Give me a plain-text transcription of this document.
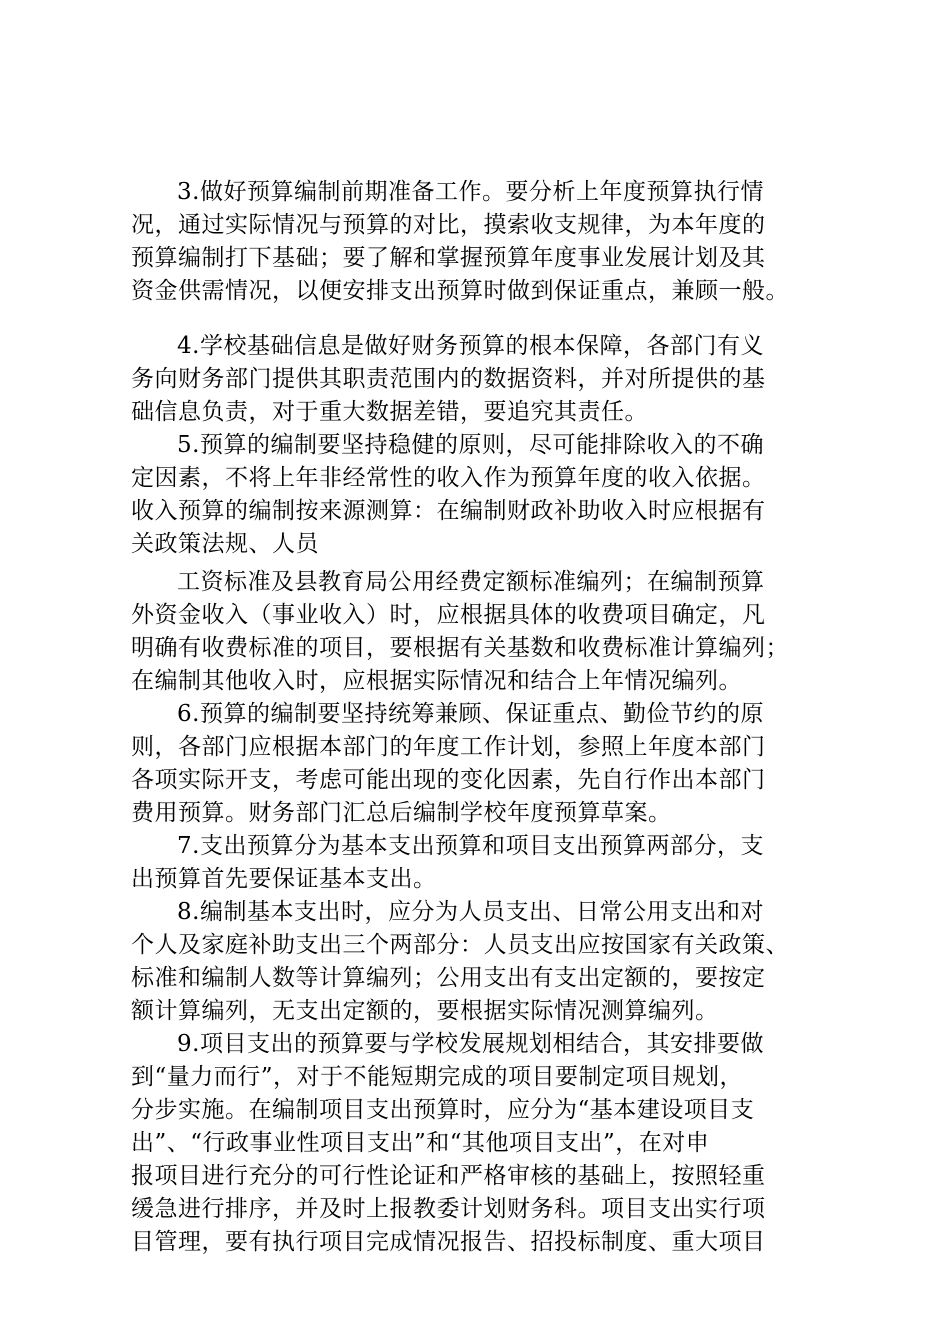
3.做好预算编制前期准备工作。要分析上年度预算执行情
况，通过实际情况与预算的对比，摸索收支规律，为本年度的
预算编制打下基础；要了解和掌握预算年度事业发展计划及其
资金供需情况，以便安排支出预算时做到保证重点，兼顾一般。
4.学校基础信息是做好财务预算的根本保障，各部门有义
务向财务部门提供其职责范围内的数据资料，并对所提供的基
础信息负责，对于重大数据差错，要追究其责任。
5.预算的编制要坚持稳健的原则，尽可能排除收入的不确
定因素，不将上年非经常性的收入作为预算年度的收入依据。
收入预算的编制按来源测算：在编制财政补助收入时应根据有
关政策法规、人员
工资标准及县教育局公用经费定额标准编列；在编制预算
外资金收入（事业收入）时，应根据具体的收费项目确定，凡
明确有收费标准的项目，要根据有关基数和收费标准计算编列；
在编制其他收入时，应根据实际情况和结合上年情况编列。
6.预算的编制要坚持统筹兼顾、保证重点、勤俭节约的原
则，各部门应根据本部门的年度工作计划，参照上年度本部门
各项实际开支，考虑可能出现的变化因素，先自行作出本部门
费用预算。财务部门汇总后编制学校年度预算草案。
7.支出预算分为基本支出预算和项目支出预算两部分，支
出预算首先要保证基本支出。
8.编制基本支出时，应分为人员支出、日常公用支出和对
个人及家庭补助支出三个两部分：人员支出应按国家有关政策、
标准和编制人数等计算编列；公用支出有支出定额的，要按定
额计算编列，无支出定额的，要根据实际情况测算编列。
9.项目支出的预算要与学校发展规划相结合，其安排要做
到“量力而行”，对于不能短期完成的项目要制定项目规划，
分步实施。在编制项目支出预算时，应分为“基本建设项目支
出”、“行政事业性项目支出”和“其他项目支出”，在对申
报项目进行充分的可行性论证和严格审核的基础上，按照轻重
缓急进行排序，并及时上报教委计划财务科。项目支出实行项
目管理，要有执行项目完成情况报告、招投标制度、重大项目
